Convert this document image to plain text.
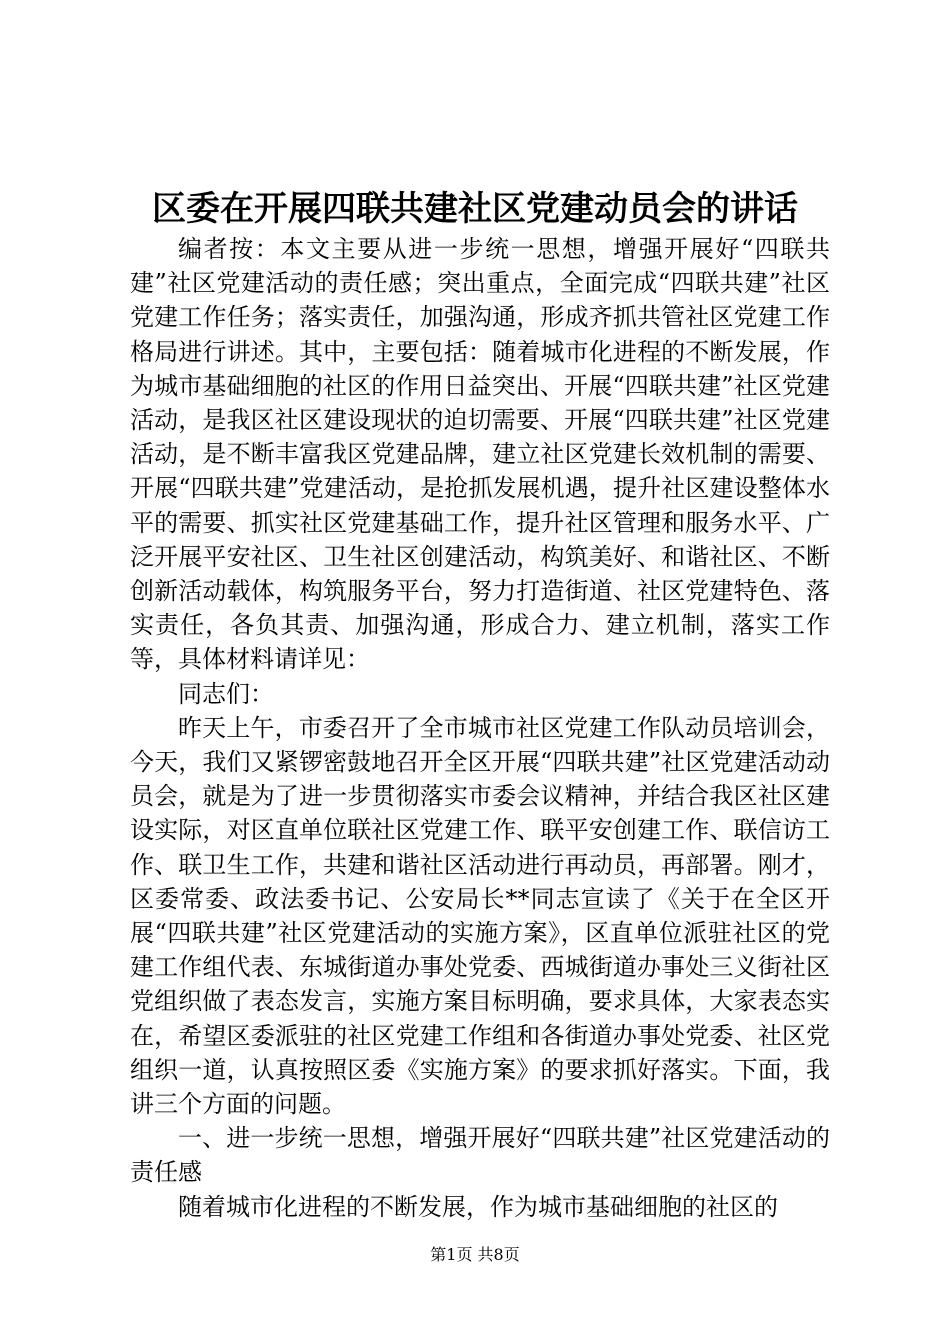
区委在开展四联共建社区党建动员会的讲话

编者按：本文主要从进一步统一思想，增强开展好“四联共建”社区党建活动的责任感；突出重点，全面完成“四联共建”社区党建工作任务；落实责任，加强沟通，形成齐抓共管社区党建工作格局进行讲述。其中，主要包括：随着城市化进程的不断发展，作为城市基础细胞的社区的作用日益突出、开展“四联共建”社区党建活动，是我区社区建设现状的迫切需要、开展“四联共建”社区党建活动，是不断丰富我区党建品牌，建立社区党建长效机制的需要、开展“四联共建”党建活动，是抢抓发展机遇，提升社区建设整体水平的需要、抓实社区党建基础工作，提升社区管理和服务水平、广泛开展平安社区、卫生社区创建活动，构筑美好、和谐社区、不断创新活动载体，构筑服务平台，努力打造街道、社区党建特色、落实责任，各负其责、加强沟通，形成合力、建立机制，落实工作等，具体材料请详见：

同志们：

昨天上午，市委召开了全市城市社区党建工作队动员培训会，今天，我们又紧锣密鼓地召开全区开展“四联共建”社区党建活动动员会，就是为了进一步贯彻落实市委会议精神，并结合我区社区建设实际，对区直单位联社区党建工作、联平安创建工作、联信访工作、联卫生工作，共建和谐社区活动进行再动员，再部署。刚才，区委常委、政法委书记、公安局长**同志宣读了《关于在全区开展“四联共建”社区党建活动的实施方案》，区直单位派驻社区的党建工作组代表、东城街道办事处党委、西城街道办事处三义街社区党组织做了表态发言，实施方案目标明确，要求具体，大家表态实在，希望区委派驻的社区党建工作组和各街道办事处党委、社区党组织一道，认真按照区委《实施方案》的要求抓好落实。下面，我讲三个方面的问题。

一、进一步统一思想，增强开展好“四联共建”社区党建活动的责任感

随着城市化进程的不断发展，作为城市基础细胞的社区的

第1页 共8页
